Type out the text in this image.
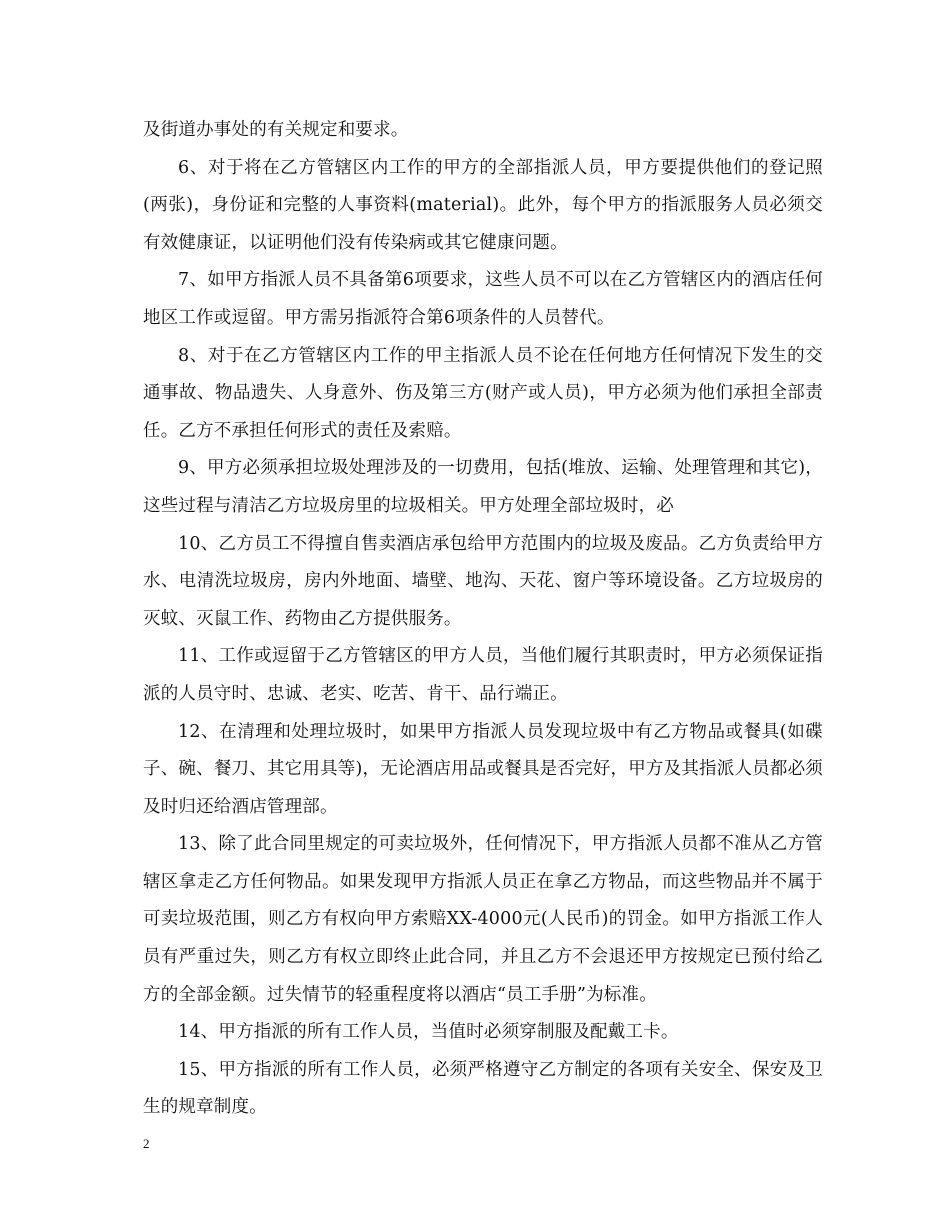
及街道办事处的有关规定和要求。

6、对于将在乙方管辖区内工作的甲方的全部指派人员，甲方要提供他们的登记照(两张)，身份证和完整的人事资料(material)。此外，每个甲方的指派服务人员必须交有效健康证，以证明他们没有传染病或其它健康问题。

7、如甲方指派人员不具备第6项要求，这些人员不可以在乙方管辖区内的酒店任何地区工作或逗留。甲方需另指派符合第6项条件的人员替代。

8、对于在乙方管辖区内工作的甲主指派人员不论在任何地方任何情况下发生的交通事故、物品遗失、人身意外、伤及第三方(财产或人员)，甲方必须为他们承担全部责任。乙方不承担任何形式的责任及索赔。

9、甲方必须承担垃圾处理涉及的一切费用，包括(堆放、运输、处理管理和其它)，这些过程与清洁乙方垃圾房里的垃圾相关。甲方处理全部垃圾时，必

10、乙方员工不得擅自售卖酒店承包给甲方范围内的垃圾及废品。乙方负责给甲方水、电清洗垃圾房，房内外地面、墙壁、地沟、天花、窗户等环境设备。乙方垃圾房的灭蚊、灭鼠工作、药物由乙方提供服务。

11、工作或逗留于乙方管辖区的甲方人员，当他们履行其职责时，甲方必须保证指派的人员守时、忠诚、老实、吃苦、肯干、品行端正。

12、在清理和处理垃圾时，如果甲方指派人员发现垃圾中有乙方物品或餐具(如碟子、碗、餐刀、其它用具等)，无论酒店用品或餐具是否完好，甲方及其指派人员都必须及时归还给酒店管理部。

13、除了此合同里规定的可卖垃圾外，任何情况下，甲方指派人员都不准从乙方管辖区拿走乙方任何物品。如果发现甲方指派人员正在拿乙方物品，而这些物品并不属于可卖垃圾范围，则乙方有权向甲方索赔XX-4000元(人民币)的罚金。如甲方指派工作人员有严重过失，则乙方有权立即终止此合同，并且乙方不会退还甲方按规定已预付给乙方的全部金额。过失情节的轻重程度将以酒店“员工手册”为标准。

14、甲方指派的所有工作人员，当值时必须穿制服及配戴工卡。

15、甲方指派的所有工作人员，必须严格遵守乙方制定的各项有关安全、保安及卫生的规章制度。

2
